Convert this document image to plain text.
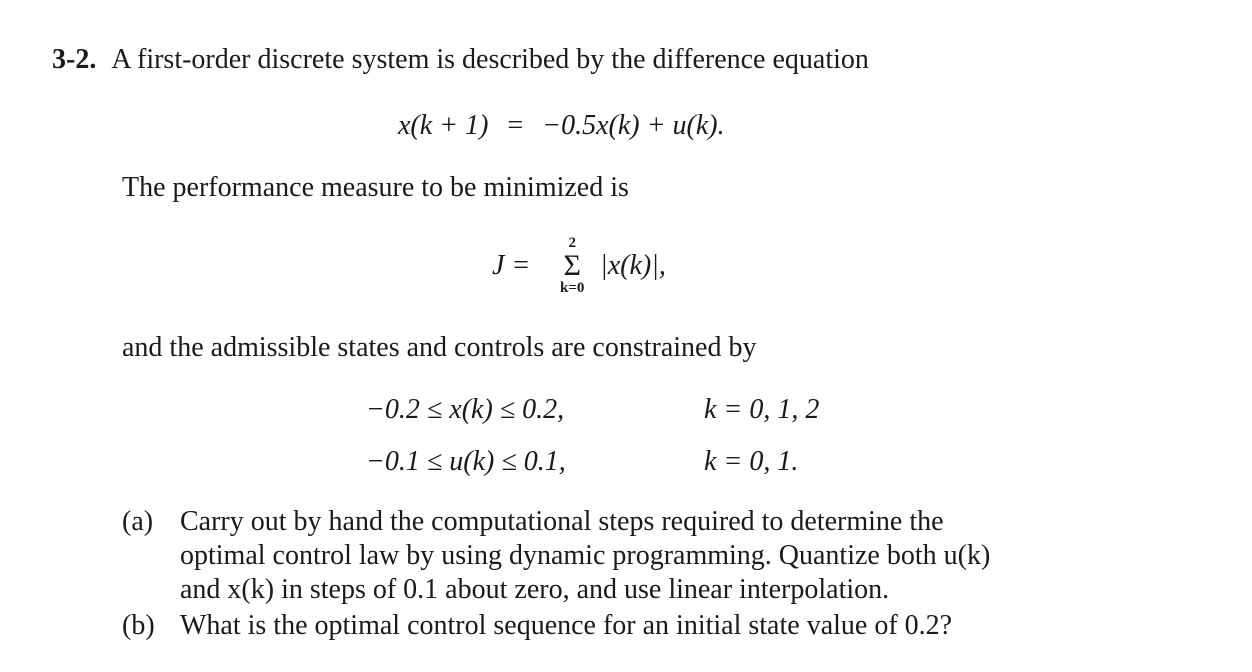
3-2. A first-order discrete system is described by the difference equation
x(k + 1) = −0.5x(k) + u(k).
The performance measure to be minimized is
J =
2
Σ
k=0
|x(k)|,
and the admissible states and controls are constrained by
−0.2 ≤ x(k) ≤ 0.2,	k = 0, 1, 2
−0.1 ≤ u(k) ≤ 0.1,	k = 0, 1.
(a) Carry out by hand the computational steps required to determine the
optimal control law by using dynamic programming. Quantize both u(k)
and x(k) in steps of 0.1 about zero, and use linear interpolation.
(b) What is the optimal control sequence for an initial state value of 0.2?
